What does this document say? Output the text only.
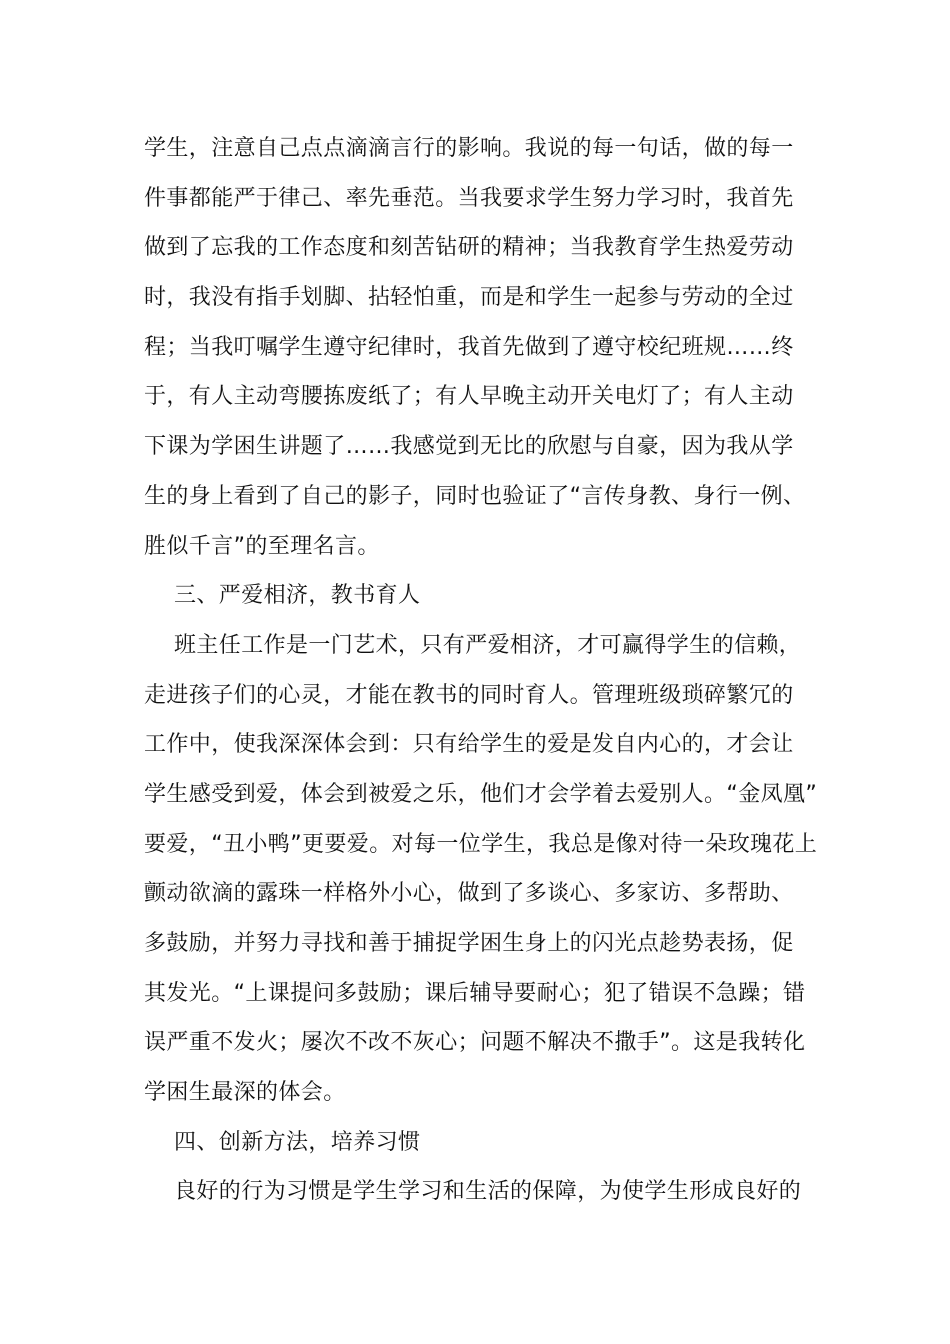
学生，注意自己点点滴滴言行的影响。我说的每一句话，做的每一
件事都能严于律己、率先垂范。当我要求学生努力学习时，我首先
做到了忘我的工作态度和刻苦钻研的精神；当我教育学生热爱劳动
时，我没有指手划脚、拈轻怕重，而是和学生一起参与劳动的全过
程；当我叮嘱学生遵守纪律时，我首先做到了遵守校纪班规……终
于，有人主动弯腰拣废纸了；有人早晚主动开关电灯了；有人主动
下课为学困生讲题了……我感觉到无比的欣慰与自豪，因为我从学
生的身上看到了自己的影子，同时也验证了“言传身教、身行一例、
胜似千言”的至理名言。
三、严爱相济，教书育人
班主任工作是一门艺术，只有严爱相济，才可赢得学生的信赖，
走进孩子们的心灵，才能在教书的同时育人。管理班级琐碎繁冗的
工作中，使我深深体会到：只有给学生的爱是发自内心的，才会让
学生感受到爱，体会到被爱之乐，他们才会学着去爱别人。“金凤凰”
要爱，“丑小鸭”更要爱。对每一位学生，我总是像对待一朵玫瑰花上
颤动欲滴的露珠一样格外小心，做到了多谈心、多家访、多帮助、
多鼓励，并努力寻找和善于捕捉学困生身上的闪光点趁势表扬，促
其发光。“上课提问多鼓励；课后辅导要耐心；犯了错误不急躁；错
误严重不发火；屡次不改不灰心；问题不解决不撒手”。这是我转化
学困生最深的体会。
四、创新方法，培养习惯
良好的行为习惯是学生学习和生活的保障，为使学生形成良好的
